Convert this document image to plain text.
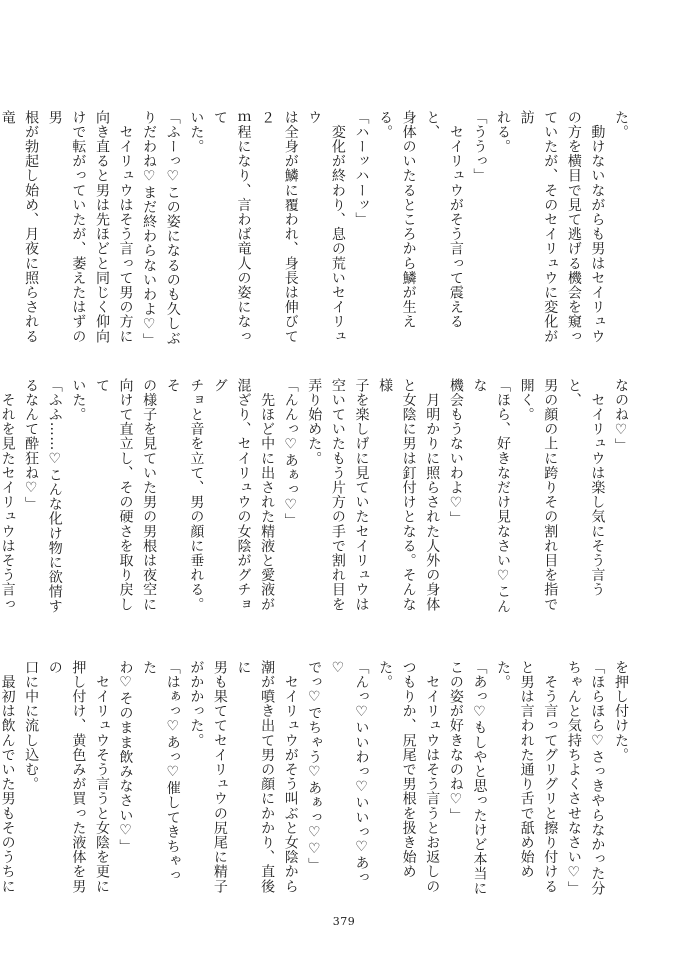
た。

　動けないながらも男はセイリュウ

の方を横目で見て逃げる機会を窺っ

ていたが、そのセイリュウに変化が訪

れる。

「ううっ」

　セイリュウがそう言って震えると、

身体のいたるところから鱗が生える。

「ハーッハーッ」

　変化が終わり、息の荒いセイリュウ

は全身が鱗に覆われ、身長は伸びて２

ｍ程になり、言わば竜人の姿になって

いた。

「ふーっ♡この姿になるのも久しぶ

りだわね♡まだ終わらないわよ♡」

　セイリュウはそう言って男の方に

向き直ると男は先ほどと同じく仰向

けで転がっていたが、萎えたはずの男

根が勃起し始め、月夜に照らされる竜

なのね♡」

　セイリュウは楽し気にそう言うと、

男の顔の上に跨りその割れ目を指で

開く。

「ほら、好きなだけ見なさい♡こんな

機会もうないわよ♡」

　月明かりに照らされた人外の身体

と女陰に男は釘付けとなる。そんな様

子を楽しげに見ていたセイリュウは

空いていたもう片方の手で割れ目を

弄り始めた。

「んんっ♡あぁっ♡」

　先ほど中に出された精液と愛液が

混ざり、セイリュウの女陰がグチョグ

チョと音を立て、男の顔に垂れる。そ

の様子を見ていた男の男根は夜空に

向けて直立し、その硬さを取り戻して

いた。

「ふふ……♡こんな化け物に欲情す

るなんて酔狂ね♡」

　それを見たセイリュウはそう言っ

を押し付けた。

「ほらほら♡さっきやらなかった分

ちゃんと気持ちよくさせなさい♡」

　そう言ってグリグリと擦り付ける

と男は言われた通り舌で舐め始めた。

「あっ♡もしやと思ったけど本当に

この姿が好きなのね♡」

　セイリュウはそう言うとお返しの

つもりか、尻尾で男根を扱き始めた。

「んっ♡いいわっ♡いいっ♡あっ♡

でっ♡でちゃう♡あぁっ♡♡」

　セイリュウがそう叫ぶと女陰から

潮が噴き出て男の顔にかかり、直後に

男も果ててセイリュウの尻尾に精子

がかかった。

「はぁっ♡あっ♡催してきちゃった

わ♡そのまま飲みなさい♡」

　セイリュウそう言うと女陰を更に

押し付け、黄色みが買った液体を男の

口に中に流し込む。

　最初は飲んでいた男もそのうちに

379
